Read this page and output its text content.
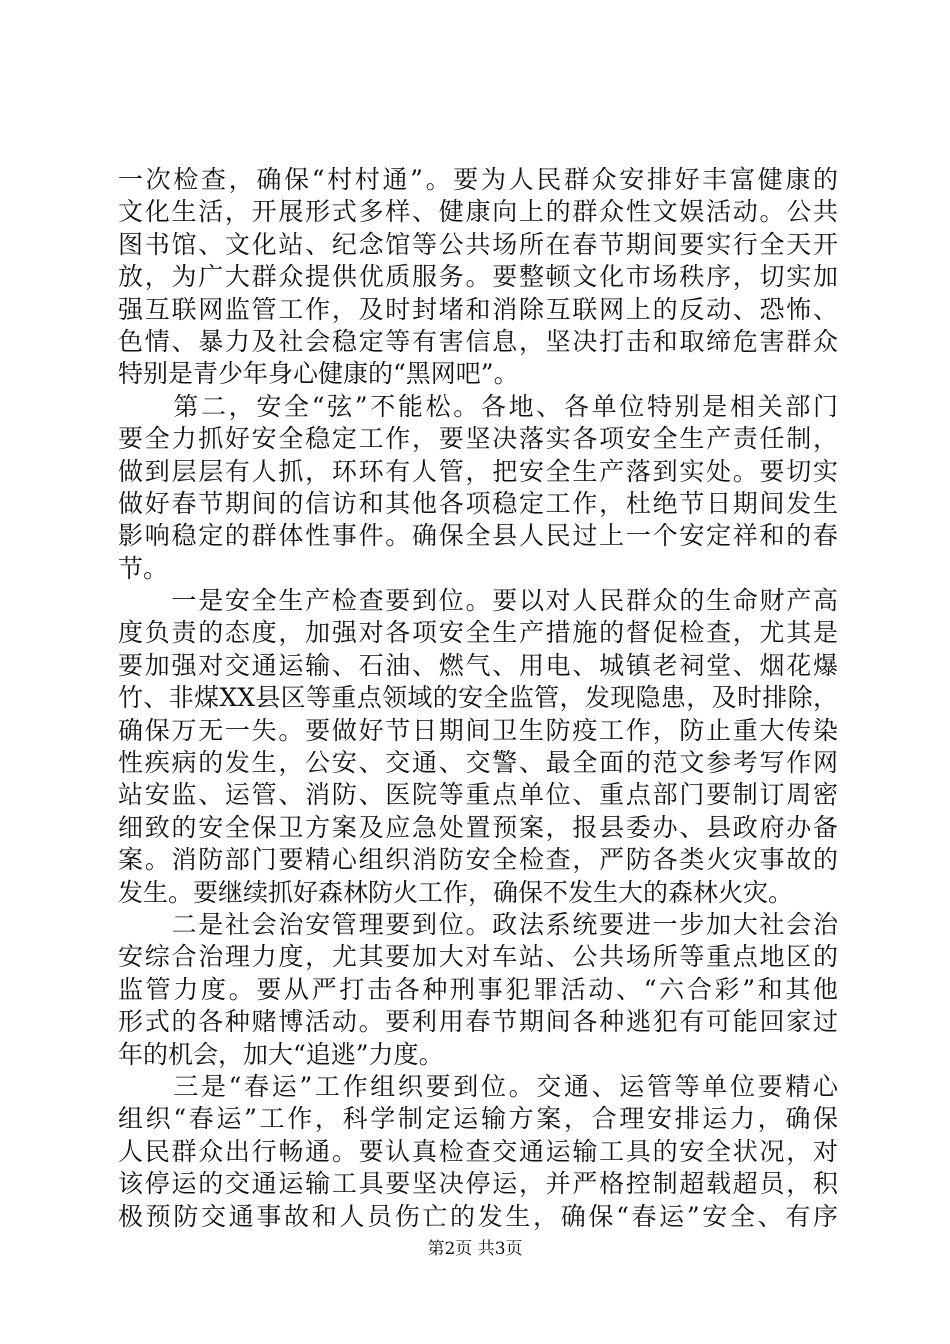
一次检查，确保“村村通”。要为人民群众安排好丰富健康的
文化生活，开展形式多样、健康向上的群众性文娱活动。公共
图书馆、文化站、纪念馆等公共场所在春节期间要实行全天开
放，为广大群众提供优质服务。要整顿文化市场秩序，切实加
强互联网监管工作，及时封堵和消除互联网上的反动、恐怖、
色情、暴力及社会稳定等有害信息，坚决打击和取缔危害群众
特别是青少年身心健康的“黑网吧”。
　　第二，安全“弦”不能松。各地、各单位特别是相关部门
要全力抓好安全稳定工作，要坚决落实各项安全生产责任制，
做到层层有人抓，环环有人管，把安全生产落到实处。要切实
做好春节期间的信访和其他各项稳定工作，杜绝节日期间发生
影响稳定的群体性事件。确保全县人民过上一个安定祥和的春
节。
　　一是安全生产检查要到位。要以对人民群众的生命财产高
度负责的态度，加强对各项安全生产措施的督促检查，尤其是
要加强对交通运输、石油、燃气、用电、城镇老祠堂、烟花爆
竹、非煤XX县区等重点领域的安全监管，发现隐患，及时排除，
确保万无一失。要做好节日期间卫生防疫工作，防止重大传染
性疾病的发生，公安、交通、交警、最全面的范文参考写作网
站安监、运管、消防、医院等重点单位、重点部门要制订周密
细致的安全保卫方案及应急处置预案，报县委办、县政府办备
案。消防部门要精心组织消防安全检查，严防各类火灾事故的
发生。要继续抓好森林防火工作，确保不发生大的森林火灾。
　　二是社会治安管理要到位。政法系统要进一步加大社会治
安综合治理力度，尤其要加大对车站、公共场所等重点地区的
监管力度。要从严打击各种刑事犯罪活动、“六合彩”和其他
形式的各种赌博活动。要利用春节期间各种逃犯有可能回家过
年的机会，加大“追逃”力度。
　　三是“春运”工作组织要到位。交通、运管等单位要精心
组织“春运”工作，科学制定运输方案，合理安排运力，确保
人民群众出行畅通。要认真检查交通运输工具的安全状况，对
该停运的交通运输工具要坚决停运，并严格控制超载超员，积
极预防交通事故和人员伤亡的发生，确保“春运”安全、有序
第2页 共3页
